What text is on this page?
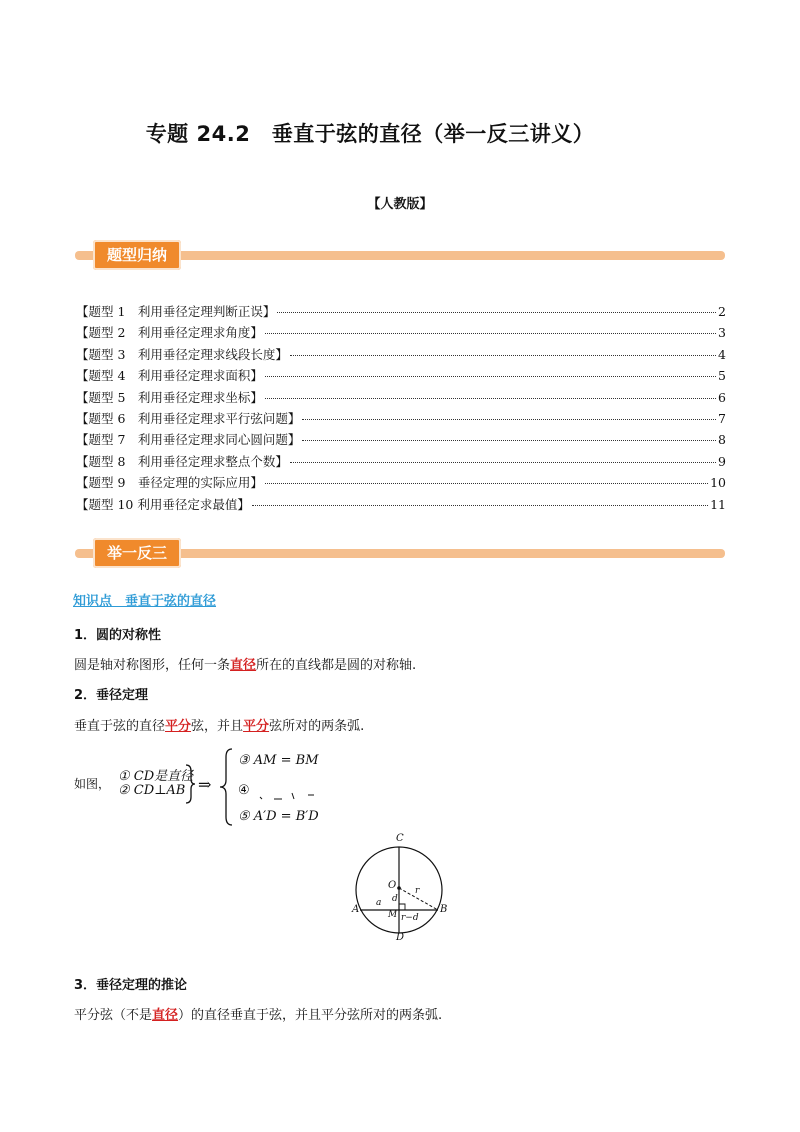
专题 24.2　垂直于弦的直径（举一反三讲义）
【人教版】
题型归纳
【题型 1　利用垂径定理判断正误】	2
【题型 2　利用垂径定理求角度】	3
【题型 3　利用垂径定理求线段长度】	4
【题型 4　利用垂径定理求面积】	5
【题型 5　利用垂径定理求坐标】	6
【题型 6　利用垂径定理求平行弦问题】	7
【题型 7　利用垂径定理求同心圆问题】	8
【题型 8　利用垂径定理求整点个数】	9
【题型 9　垂径定理的实际应用】	10
【题型 10 利用垂径定求最值】	11
举一反三
知识点　垂直于弦的直径
1．圆的对称性
圆是轴对称图形，任何一条直径所在的直线都是圆的对称轴.
2．垂径定理
垂直于弦的直径平分弦，并且平分弦所对的两条弧.
如图， ① CD是直径
② CD⊥AB ⇒
③ AM = BM
④
⑤ A′D = B′D
C
D
A	B
O
M
r
d
a
r−d
3．垂径定理的推论
平分弦（不是直径）的直径垂直于弦，并且平分弦所对的两条弧.
